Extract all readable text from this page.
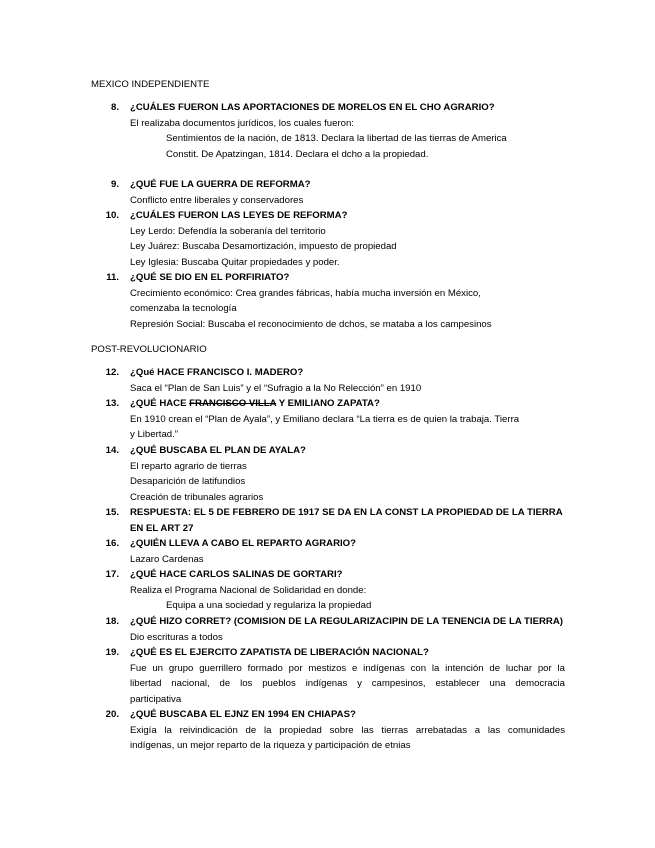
MEXICO INDEPENDIENTE
8. ¿CUÁLES FUERON LAS APORTACIONES DE MORELOS EN EL CHO AGRARIO?
El realizaba documentos jurídicos, los cuales fueron:
Sentimientos de la nación, de 1813. Declara la libertad de las tierras de America
Constit. De Apatzingan, 1814. Declara el dcho a la propiedad.
9. ¿QUÉ FUE LA GUERRA DE REFORMA?
Conflicto entre liberales y conservadores
10. ¿CUÁLES FUERON LAS LEYES DE REFORMA?
Ley Lerdo: Defendía la soberanía del territorio
Ley Juárez: Buscaba Desamortización, impuesto de propiedad
Ley Iglesia: Buscaba Quitar propiedades y poder.
11. ¿QUÉ SE DIO EN EL PORFIRIATO?
Crecimiento económico: Crea grandes fábricas, había mucha inversión en México,
comenzaba la tecnología
Represión Social: Buscaba el reconocimiento de dchos, se mataba a los campesinos
POST-REVOLUCIONARIO
12. ¿Qué HACE FRANCISCO I. MADERO?
Saca el “Plan de San Luis” y el “Sufragio a la No Relección” en 1910
13. ¿QUÉ HACE FRANCISCO VILLA Y EMILIANO ZAPATA?
En 1910 crean el “Plan de Ayala”, y Emiliano declara “La tierra es de quien la trabaja. Tierra
y Libertad.”
14. ¿QUÉ BUSCABA EL PLAN DE AYALA?
El reparto agrario de tierras
Desaparición de latifundios
Creación de tribunales agrarios
15. RESPUESTA: EL 5 DE FEBRERO DE 1917 SE DA EN LA CONST LA PROPIEDAD DE LA TIERRA
EN EL ART 27
16. ¿QUIÉN LLEVA A CABO EL REPARTO AGRARIO?
Lazaro Cardenas
17. ¿QUÉ HACE CARLOS SALINAS DE GORTARI?
Realiza el Programa Nacional de Solidaridad en donde:
Equipa a una sociedad y regulariza la propiedad
18. ¿QUÉ HIZO CORRET? (COMISION DE LA REGULARIZACIPIN DE LA TENENCIA DE LA TIERRA)
Dio escrituras a todos
19. ¿QUÉ ES EL EJERCITO ZAPATISTA DE LIBERACIÓN NACIONAL?
Fue un grupo guerrillero formado por mestizos e indígenas con la intención de luchar por la
libertad nacional, de los pueblos indígenas y campesinos, establecer una democracia
participativa
20. ¿QUÉ BUSCABA EL EJNZ EN 1994 EN CHIAPAS?
Exigía la reivindicación de la propiedad sobre las tierras arrebatadas a las comunidades
indígenas, un mejor reparto de la riqueza y participación de etnias
